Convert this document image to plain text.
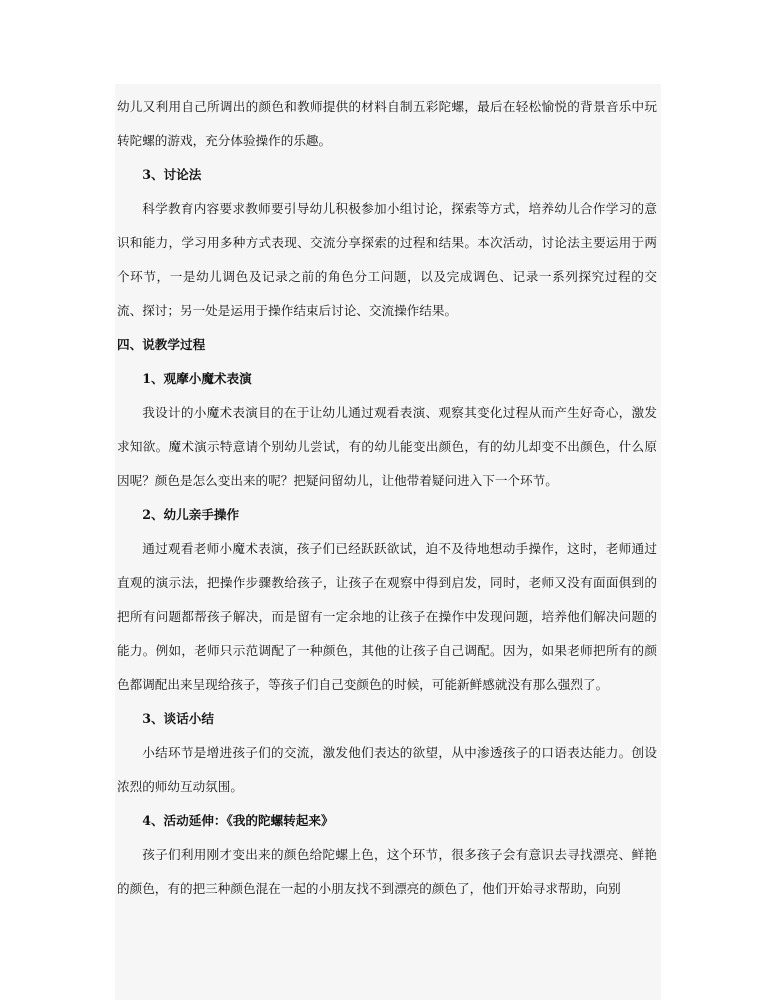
幼儿又利用自己所调出的颜色和教师提供的材料自制五彩陀螺，最后在轻松愉悦的背景音乐中玩转陀螺的游戏，充分体验操作的乐趣。

3、讨论法

科学教育内容要求教师要引导幼儿积极参加小组讨论，探索等方式，培养幼儿合作学习的意识和能力，学习用多种方式表现、交流分享探索的过程和结果。本次活动，讨论法主要运用于两个环节，一是幼儿调色及记录之前的角色分工问题，以及完成调色、记录一系列探究过程的交流、探讨；另一处是运用于操作结束后讨论、交流操作结果。

四、说教学过程

1、观摩小魔术表演

我设计的小魔术表演目的在于让幼儿通过观看表演、观察其变化过程从而产生好奇心，激发求知欲。魔术演示特意请个别幼儿尝试，有的幼儿能变出颜色，有的幼儿却变不出颜色，什么原因呢？颜色是怎么变出来的呢？把疑问留幼儿，让他带着疑问进入下一个环节。

2、幼儿亲手操作

通过观看老师小魔术表演，孩子们已经跃跃欲试，迫不及待地想动手操作，这时，老师通过直观的演示法，把操作步骤教给孩子，让孩子在观察中得到启发，同时，老师又没有面面俱到的把所有问题都帮孩子解决，而是留有一定余地的让孩子在操作中发现问题，培养他们解决问题的能力。例如，老师只示范调配了一种颜色，其他的让孩子自己调配。因为，如果老师把所有的颜色都调配出来呈现给孩子，等孩子们自己变颜色的时候，可能新鲜感就没有那么强烈了。

3、谈话小结

小结环节是增进孩子们的交流，激发他们表达的欲望，从中渗透孩子的口语表达能力。创设浓烈的师幼互动氛围。

4、活动延伸：《我的陀螺转起来》

孩子们利用刚才变出来的颜色给陀螺上色，这个环节，很多孩子会有意识去寻找漂亮、鲜艳的颜色，有的把三种颜色混在一起的小朋友找不到漂亮的颜色了，他们开始寻求帮助，向别
